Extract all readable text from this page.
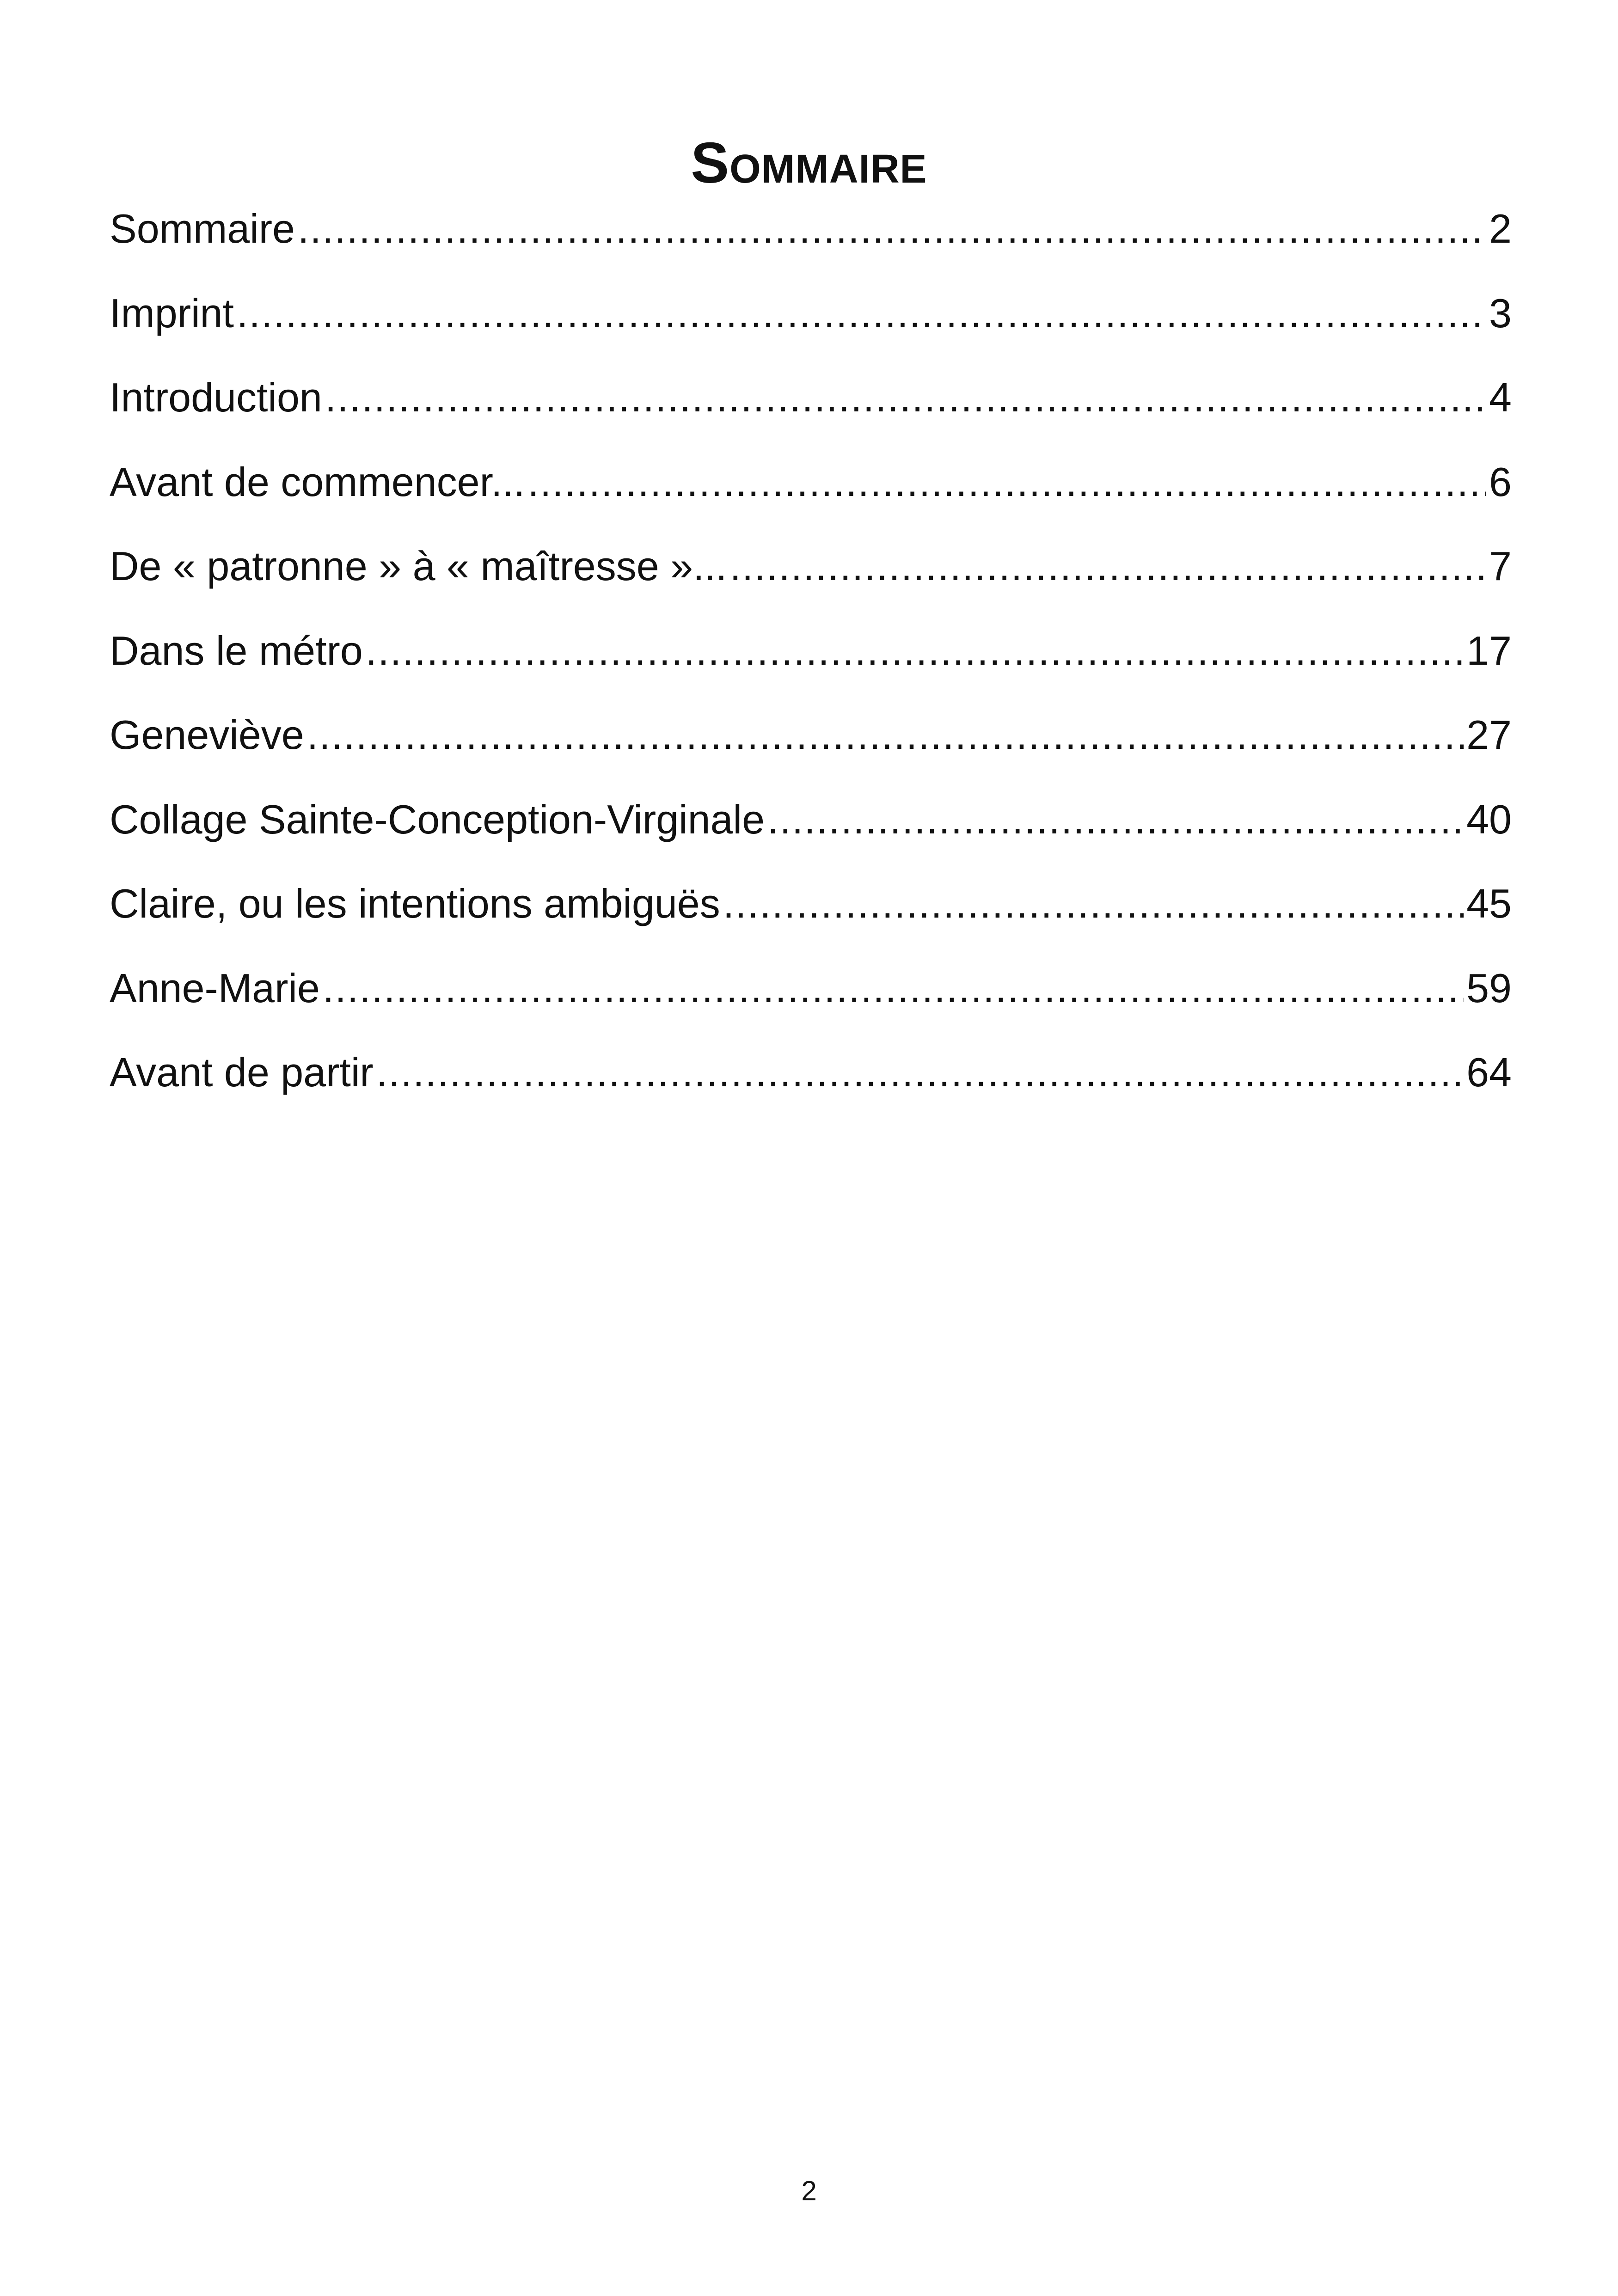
Sommaire
Sommaire .....	2
Imprint .....	3
Introduction .....	4
Avant de commencer... .....	6
De « patronne » à « maîtresse »... .....	7
Dans le métro .....	17
Geneviève .....	27
Collage Sainte-Conception-Virginale .....	40
Claire, ou les intentions ambiguës .....	45
Anne-Marie .....	59
Avant de partir .....	64
2
